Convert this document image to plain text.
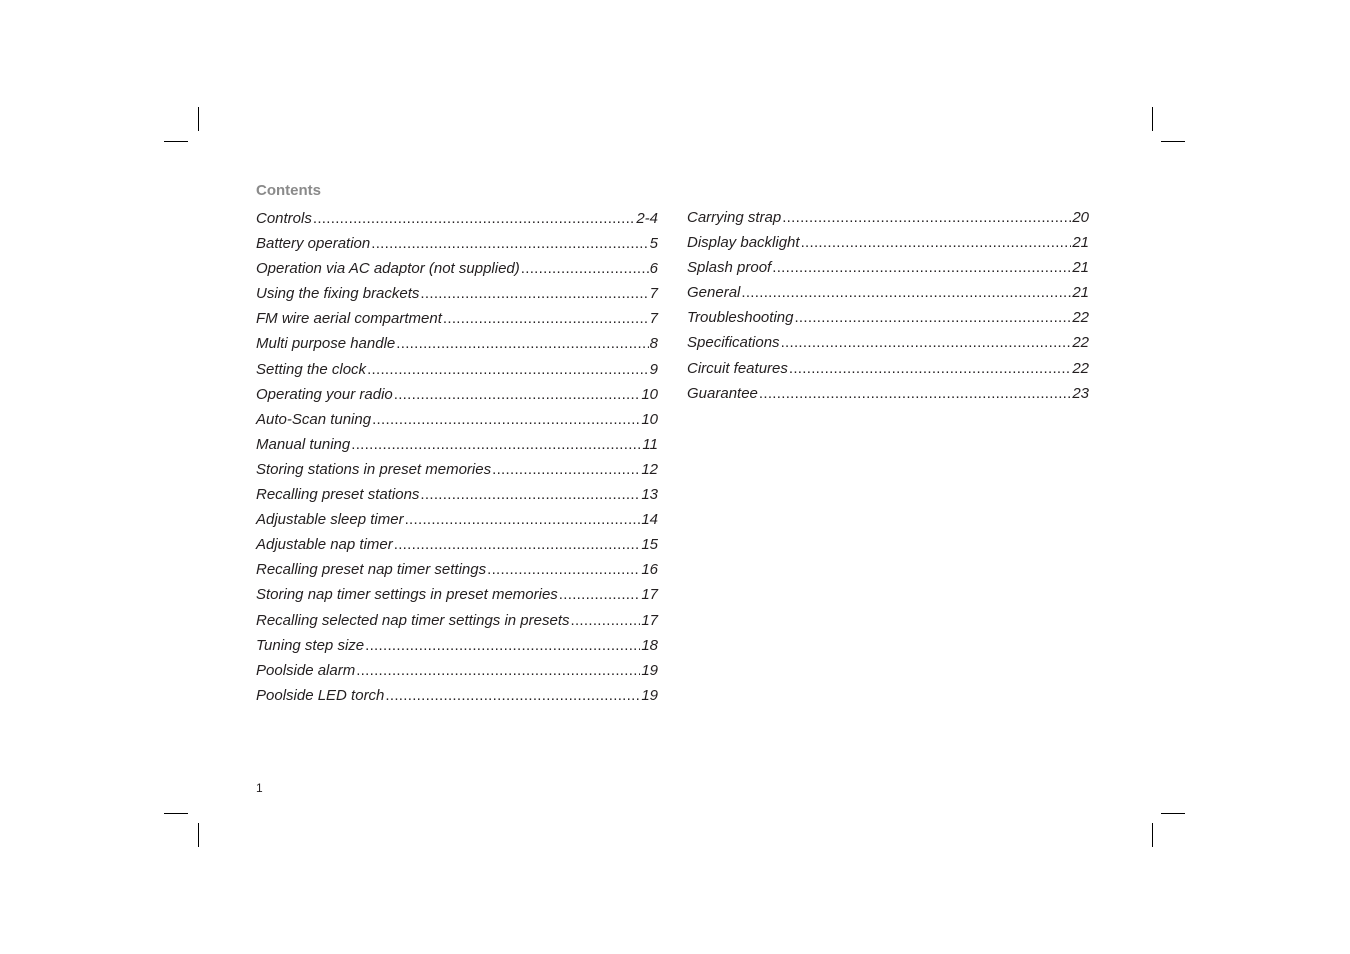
Contents
Controls .....	2-4
Battery operation .....	5
Operation via AC adaptor (not supplied) .....	6
Using the fixing brackets .....	7
FM wire aerial compartment .....	7
Multi purpose handle .....	8
Setting the clock .....	9
Operating your radio .....	10
Auto-Scan tuning .....	10
Manual tuning .....	11
Storing stations in preset memories .....	12
Recalling preset stations .....	13
Adjustable sleep timer .....	14
Adjustable nap timer .....	15
Recalling preset nap timer settings .....	16
Storing nap timer settings in preset memories .....	17
Recalling selected nap timer settings in presets .....	17
Tuning step size .....	18
Poolside alarm .....	19
Poolside LED torch .....	19
Carrying strap .....	20
Display backlight .....	21
Splash proof .....	21
General .....	21
Troubleshooting .....	22
Specifications .....	22
Circuit features .....	22
Guarantee .....	23
1
